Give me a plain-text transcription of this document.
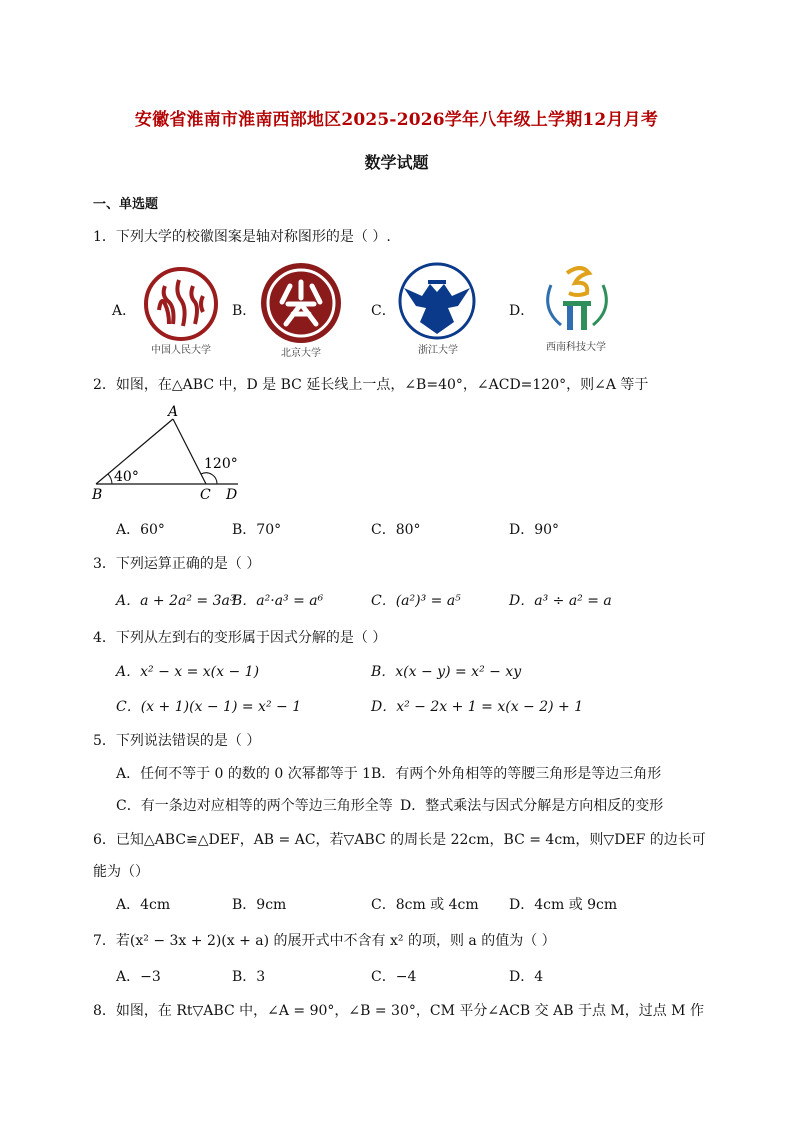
安徽省淮南市淮南西部地区2025-2026学年八年级上学期12月月考
数学试题
一、单选题
1．下列大学的校徽图案是轴对称图形的是（ ）.
A．	B．	C．	D．
中国人民大学	北京大学	浙江大学	西南科技大学
2．如图，在△ABC 中，D 是 BC 延长线上一点，∠B=40°，∠ACD=120°，则∠A 等于
A
B	C D
40°
120°
A．60°	B．70°	C．80°	D．90°
3．下列运算正确的是（ ）
A．a + 2a² = 3a³
B．a²·a³ = a⁶	C．(a²)³ = a⁵	D．a³ ÷ a² = a
4．下列从左到右的变形属于因式分解的是（ ）
A．x² − x = x(x − 1)	B．x(x − y) = x² − xy
C．(x + 1)(x − 1) = x² − 1	D．x² − 2x + 1 = x(x − 2) + 1
5．下列说法错误的是（ ）
A．任何不等于 0 的数的 0 次幂都等于 1 B．有两个外角相等的等腰三角形是等边三角形
C．有一条边对应相等的两个等边三角形全等 D．整式乘法与因式分解是方向相反的变形
6．已知△ABC≌△DEF，AB = AC，若▽ABC 的周长是 22cm，BC = 4cm，则▽DEF 的边长可
能为（）
A．4cm	B．9cm	C．8cm 或 4cm D．4cm 或 9cm
7．若(x² − 3x + 2)(x + a) 的展开式中不含有 x² 的项，则 a 的值为（ ）
A．−3	B．3	C．−4	D．4
8．如图，在 Rt▽ABC 中，∠A = 90°，∠B = 30°，CM 平分∠ACB 交 AB 于点 M，过点 M 作
